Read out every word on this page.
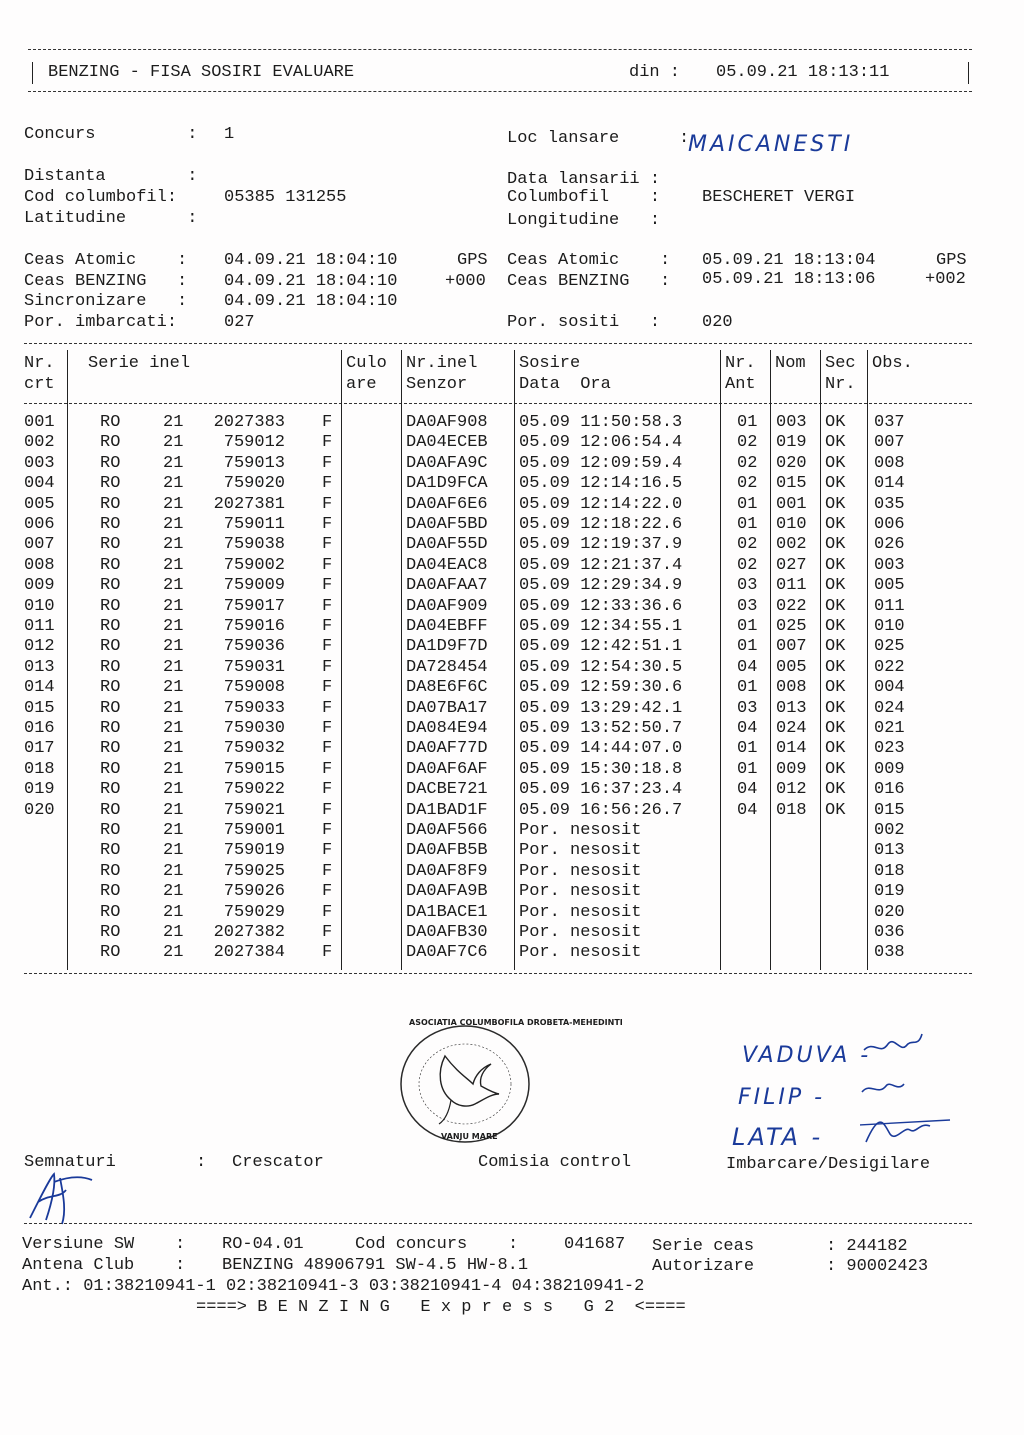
BENZING - FISA SOSIRI EVALUARE	din : 05.09.21 18:13:11
Concurs         : 1	Loc lansare	:
MAICANESTI
Distanta        :	Data lansarii :
Cod columbofil:	05385 131255	Columbofil    : BESCHERET VERGI
Latitudine      :	Longitudine   :
Ceas Atomic    : 04.09.21 18:04:10	GPS
Ceas BENZING   : 04.09.21 18:04:10	+000
Sincronizare   : 04.09.21 18:04:10
Ceas Atomic    : 05.09.21 18:13:04	GPS
Ceas BENZING   : 05.09.21 18:13:06	+002
Por. imbarcati:	027	Por. sositi   : 020
Nr.
crt
Serie inel	Culo
are
Nr.inel
Senzor
Sosire
Data  Ora
Nr.
Ant
Nom Sec
Nr.
Obs.
001	RO	21	2027383 F	DA0AF908 05.09 11:50:58.3	01 003 OK 037
002	RO	21	759012 F	DA04ECEB 05.09 12:06:54.4	02 019 OK 007
003	RO	21	759013 F	DA0AFA9C 05.09 12:09:59.4	02 020 OK 008
004	RO	21	759020 F	DA1D9FCA 05.09 12:14:16.5	02 015 OK 014
005	RO	21	2027381 F	DA0AF6E6 05.09 12:14:22.0	01 001 OK 035
006	RO	21	759011 F	DA0AF5BD 05.09 12:18:22.6	01 010 OK 006
007	RO	21	759038 F	DA0AF55D 05.09 12:19:37.9	02 002 OK 026
008	RO	21	759002 F	DA04EAC8 05.09 12:21:37.4	02 027 OK 003
009	RO	21	759009 F	DA0AFAA7 05.09 12:29:34.9	03 011 OK 005
010	RO	21	759017 F	DA0AF909 05.09 12:33:36.6	03 022 OK 011
011	RO	21	759016 F	DA04EBFF 05.09 12:34:55.1	01 025 OK 010
012	RO	21	759036 F	DA1D9F7D 05.09 12:42:51.1	01 007 OK 025
013	RO	21	759031 F	DA728454 05.09 12:54:30.5	04 005 OK 022
014	RO	21	759008 F	DA8E6F6C 05.09 12:59:30.6	01 008 OK 004
015	RO	21	759033 F	DA07BA17 05.09 13:29:42.1	03 013 OK 024
016	RO	21	759030 F	DA084E94 05.09 13:52:50.7	04 024 OK 021
017	RO	21	759032 F	DA0AF77D 05.09 14:44:07.0	01 014 OK 023
018	RO	21	759015 F	DA0AF6AF 05.09 15:30:18.8	01 009 OK 009
019	RO	21	759022 F	DACBE721 05.09 16:37:23.4	04 012 OK 016
020	RO	21	759021 F	DA1BAD1F 05.09 16:56:26.7	04 018 OK 015
RO	21	759001 F	DA0AF566 Por. nesosit	002
RO	21	759019 F	DA0AFB5B Por. nesosit	013
RO	21	759025 F	DA0AF8F9 Por. nesosit	018
RO	21	759026 F	DA0AFA9B Por. nesosit	019
RO	21	759029 F	DA1BACE1 Por. nesosit	020
RO	21	2027382 F	DA0AFB30 Por. nesosit	036
RO	21	2027384 F	DA0AF7C6 Por. nesosit	038
ASOCIATIA COLUMBOFILA DROBETA-MEHEDINTI
VANJU MARE
VADUVA -
FILIP -
LATA -
Semnaturi	: Crescator	Comisia control	Imbarcare/Desigilare
Versiune SW    : RO-04.01	Cod concurs    :	041687 Serie ceas	: 244182
Antena Club    : BENZING 48906791 SW-4.5 HW-8.1	Autorizare	: 90002423
Ant.: 01:38210941-1 02:38210941-3 03:38210941-4 04:38210941-2
====> B E N Z I N G   E x p r e s s   G 2  <====
